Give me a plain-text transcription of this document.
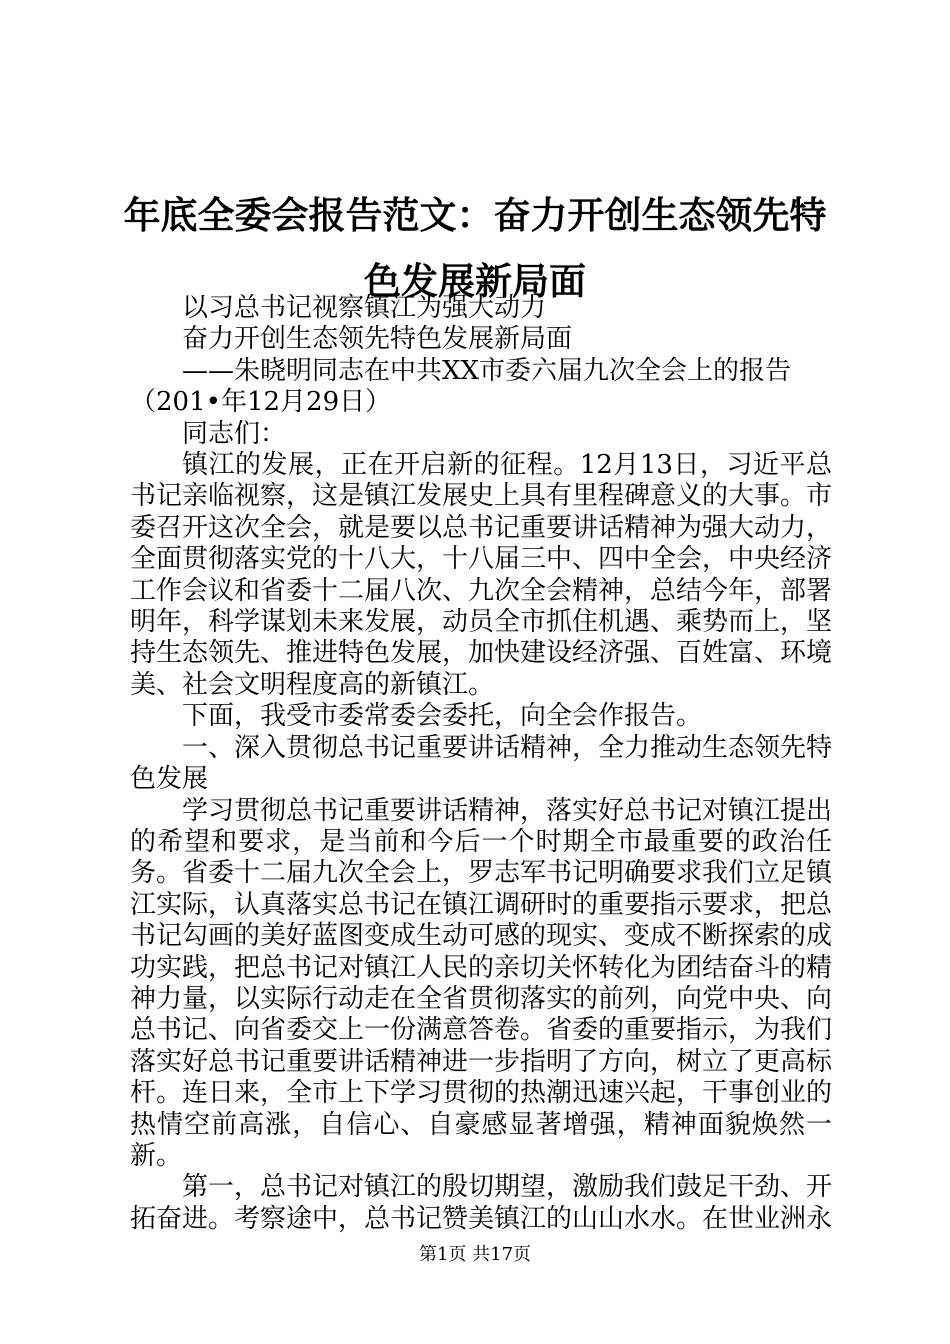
年底全委会报告范文：奋力开创生态领先特色发展新局面

以习总书记视察镇江为强大动力

奋力开创生态领先特色发展新局面

——朱晓明同志在中共XX市委六届九次全会上的报告

（201•年12月29日）

同志们：

镇江的发展，正在开启新的征程。12月13日，习近平总书记亲临视察，这是镇江发展史上具有里程碑意义的大事。市委召开这次全会，就是要以总书记重要讲话精神为强大动力，全面贯彻落实党的十八大，十八届三中、四中全会，中央经济工作会议和省委十二届八次、九次全会精神，总结今年，部署明年，科学谋划未来发展，动员全市抓住机遇、乘势而上，坚持生态领先、推进特色发展，加快建设经济强、百姓富、环境美、社会文明程度高的新镇江。

下面，我受市委常委会委托，向全会作报告。

一、深入贯彻总书记重要讲话精神，全力推动生态领先特色发展

学习贯彻总书记重要讲话精神，落实好总书记对镇江提出的希望和要求，是当前和今后一个时期全市最重要的政治任务。省委十二届九次全会上，罗志军书记明确要求我们立足镇江实际，认真落实总书记在镇江调研时的重要指示要求，把总书记勾画的美好蓝图变成生动可感的现实、变成不断探索的成功实践，把总书记对镇江人民的亲切关怀转化为团结奋斗的精神力量，以实际行动走在全省贯彻落实的前列，向党中央、向总书记、向省委交上一份满意答卷。省委的重要指示，为我们落实好总书记重要讲话精神进一步指明了方向，树立了更高标杆。连日来，全市上下学习贯彻的热潮迅速兴起，干事创业的热情空前高涨，自信心、自豪感显著增强，精神面貌焕然一新。

第一，总书记对镇江的殷切期望，激励我们鼓足干劲、开拓奋进。考察途中，总书记赞美镇江的山山水水。在世业洲永

第1页 共17页
